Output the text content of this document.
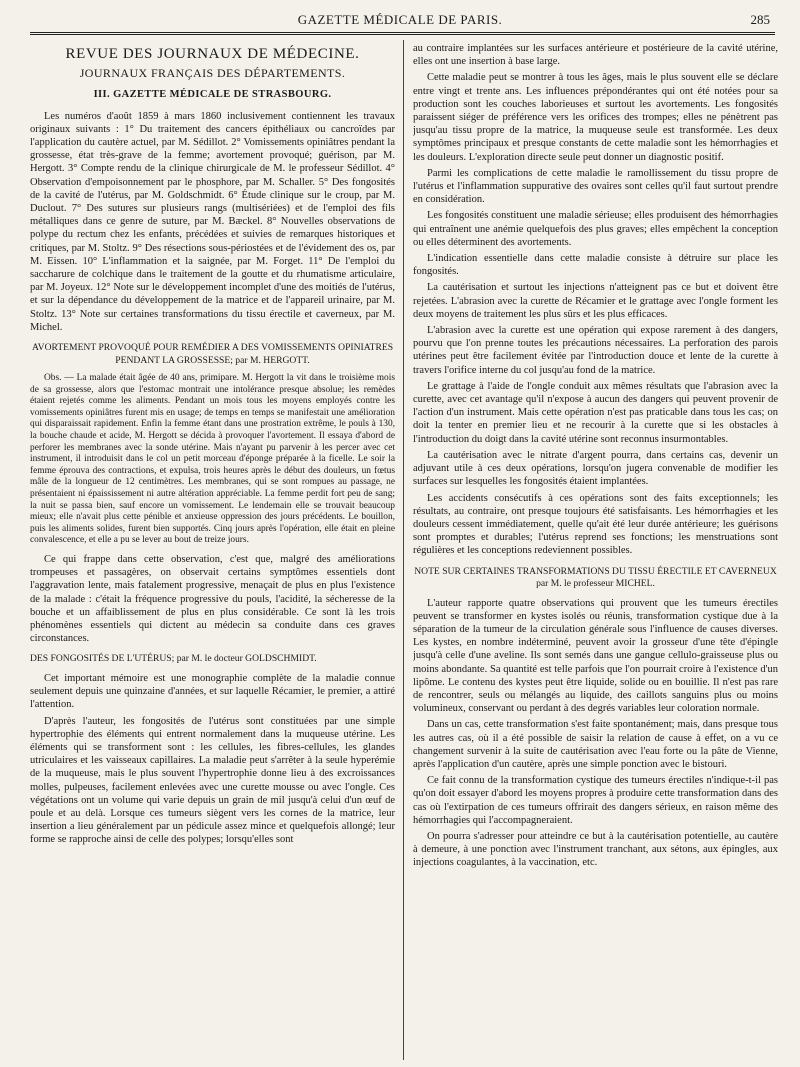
GAZETTE MÉDICALE DE PARIS.	285
REVUE DES JOURNAUX DE MÉDECINE.
JOURNAUX FRANÇAIS DES DÉPARTEMENTS.
III. GAZETTE MÉDICALE DE STRASBOURG.

Les numéros d'août 1859 à mars 1860 inclusivement contiennent les travaux originaux suivants : 1° Du traitement des cancers épithéliaux ou cancroïdes par l'application du cautère actuel, par M. Sédillot. 2° Vomissements opiniâtres pendant la grossesse, état très-grave de la femme; avortement provoqué; guérison, par M. Hergott. 3° Compte rendu de la clinique chirurgicale de M. le professeur Sédillot. 4° Observation d'empoisonnement par le phosphore, par M. Schaller. 5° Des fongosités de la cavité de l'utérus, par M. Goldschmidt. 6° Étude clinique sur le croup, par M. Duclout. 7° Des sutures sur plusieurs rangs (multisériées) et de l'emploi des fils métalliques dans ce genre de suture, par M. Bæckel. 8° Nouvelles observations de polype du rectum chez les enfants, précédées et suivies de remarques historiques et critiques, par M. Stoltz. 9° Des résections sous-périostées et de l'évidement des os, par M. Eissen. 10° L'inflammation et la saignée, par M. Forget. 11° De l'emploi du saccharure de colchique dans le traitement de la goutte et du rhumatisme articulaire, par M. Joyeux. 12° Note sur le développement incomplet d'une des moitiés de l'utérus, et sur la dépendance du développement de la matrice et de l'appareil urinaire, par M. Stoltz. 13° Note sur certaines transformations du tissu érectile et caverneux, par M. Michel.

AVORTEMENT PROVOQUÉ POUR REMÉDIER A DES VOMISSEMENTS OPINIATRES PENDANT LA GROSSESSE; par M. HERGOTT.

Obs. — La malade était âgée de 40 ans, primipare. M. Hergott la vit dans le troisième mois de sa grossesse, alors que l'estomac montrait une intolérance presque absolue; les remèdes étaient rejetés comme les aliments. Pendant un mois tous les moyens employés contre les vomissements opiniâtres furent mis en usage; de temps en temps se manifestait une amélioration qui disparaissait rapidement. Enfin la femme étant dans une prostration extrême, le pouls à 130, la bouche chaude et acide, M. Hergott se décida à provoquer l'avortement. Il essaya d'abord de perforer les membranes avec la sonde utérine. Mais n'ayant pu parvenir à les percer avec cet instrument, il introduisit dans le col un petit morceau d'éponge préparée à la ficelle. Le soir la femme éprouva des contractions, et expulsa, trois heures après le début des douleurs, un fœtus mâle de la longueur de 12 centimètres. Les membranes, qui se sont rompues au passage, ne présentaient ni épaississement ni autre altération appréciable. La femme perdit fort peu de sang; la nuit se passa bien, sauf encore un vomissement. Le lendemain elle se trouvait beaucoup mieux; elle n'avait plus cette pénible et anxieuse oppression des jours précédents. Le bouillon, puis les aliments solides, furent bien supportés. Cinq jours après l'opération, elle était en pleine convalescence, et elle a pu se lever au bout de treize jours.

Ce qui frappe dans cette observation, c'est que, malgré des améliorations trompeuses et passagères, on observait certains symptômes essentiels dont l'aggravation lente, mais fatalement progressive, menaçait de plus en plus l'existence de la malade : c'était la fréquence progressive du pouls, l'acidité, la sécheresse de la bouche et un affaiblissement de plus en plus considérable. Ce sont là les trois phénomènes essentiels qui dictent au médecin sa conduite dans ces graves circonstances.

DES FONGOSITÉS DE L'UTÉRUS; par M. le docteur GOLDSCHMIDT.

Cet important mémoire est une monographie complète de la maladie connue seulement depuis une quinzaine d'années, et sur laquelle Récamier, le premier, a attiré l'attention.

D'après l'auteur, les fongosités de l'utérus sont constituées par une simple hypertrophie des éléments qui entrent normalement dans la muqueuse utérine. Les éléments qui se transforment sont : les cellules, les fibres-cellules, les glandes utriculaires et les vaisseaux capillaires. La maladie peut s'arrêter à la seule hyperémie de la muqueuse, mais le plus souvent l'hypertrophie donne lieu à des excroissances molles, pulpeuses, facilement enlevées avec une curette mousse ou avec l'ongle. Ces végétations ont un volume qui varie depuis un grain de mil jusqu'à celui d'un œuf de poule et au delà. Lorsque ces tumeurs siègent vers les cornes de la matrice, leur insertion a lieu généralement par un pédicule assez mince et quelquefois allongé; leur forme se rapproche ainsi de celle des polypes; lorsqu'elles sont

au contraire implantées sur les surfaces antérieure et postérieure de la cavité utérine, elles ont une insertion à base large.

Cette maladie peut se montrer à tous les âges, mais le plus souvent elle se déclare entre vingt et trente ans. Les influences prépondérantes qui ont été notées pour sa production sont les couches laborieuses et surtout les avortements. Les fongosités paraissent siéger de préférence vers les orifices des trompes; elles ne pénètrent pas jusqu'au tissu propre de la matrice, la muqueuse seule est transformée. Les deux symptômes principaux et presque constants de cette maladie sont les hémorrhagies et les douleurs. L'exploration directe seule peut donner un diagnostic positif.

Parmi les complications de cette maladie le ramollissement du tissu propre de l'utérus et l'inflammation suppurative des ovaires sont celles qu'il faut surtout prendre en considération.

Les fongosités constituent une maladie sérieuse; elles produisent des hémorrhagies qui entraînent une anémie quelquefois des plus graves; elles empêchent la conception ou elles déterminent des avortements.

L'indication essentielle dans cette maladie consiste à détruire sur place les fongosités.

La cautérisation et surtout les injections n'atteignent pas ce but et doivent être rejetées. L'abrasion avec la curette de Récamier et le grattage avec l'ongle forment les deux moyens de traitement les plus sûrs et les plus efficaces.

L'abrasion avec la curette est une opération qui expose rarement à des dangers, pourvu que l'on prenne toutes les précautions nécessaires. La perforation des parois utérines peut être facilement évitée par l'introduction douce et lente de la curette à travers l'orifice interne du col jusqu'au fond de la matrice.

Le grattage à l'aide de l'ongle conduit aux mêmes résultats que l'abrasion avec la curette, avec cet avantage qu'il n'expose à aucun des dangers qui peuvent provenir de l'action d'un instrument. Mais cette opération n'est pas praticable dans tous les cas; on doit la tenter en premier lieu et ne recourir à la curette que si les obstacles à l'introduction du doigt dans la cavité utérine sont reconnus insurmontables.

La cautérisation avec le nitrate d'argent pourra, dans certains cas, devenir un adjuvant utile à ces deux opérations, lorsqu'on jugera convenable de modifier les surfaces sur lesquelles les fongosités étaient implantées.

Les accidents consécutifs à ces opérations sont des faits exceptionnels; les résultats, au contraire, ont presque toujours été satisfaisants. Les hémorrhagies et les douleurs cessent immédiatement, quelle qu'ait été leur durée antérieure; les guérisons sont promptes et durables; l'utérus reprend ses fonctions; les menstruations sont régulières et les conceptions redeviennent possibles.

NOTE SUR CERTAINES TRANSFORMATIONS DU TISSU ÉRECTILE ET CAVERNEUX par M. le professeur MICHEL.

L'auteur rapporte quatre observations qui prouvent que les tumeurs érectiles peuvent se transformer en kystes isolés ou réunis, transformation cystique due à la séparation de la tumeur de la circulation générale sous l'influence de causes diverses. Les kystes, en nombre indéterminé, peuvent avoir la grosseur d'une tête d'épingle jusqu'à celle d'une aveline. Ils sont semés dans une gangue cellulo-graisseuse plus ou moins abondante. Sa quantité est telle parfois que l'on pourrait croire à l'existence d'un lipôme. Le contenu des kystes peut être liquide, solide ou en bouillie. Il n'est pas rare de rencontrer, seuls ou mélangés au liquide, des caillots sanguins plus ou moins volumineux, conservant ou perdant à des degrés variables leur coloration normale.

Dans un cas, cette transformation s'est faite spontanément; mais, dans presque tous les autres cas, où il a été possible de saisir la relation de cause à effet, on a vu ce changement survenir à la suite de cautérisation avec l'eau forte ou la pâte de Vienne, après l'application d'un cautère, après une simple ponction avec le bistouri.

Ce fait connu de la transformation cystique des tumeurs érectiles n'indique-t-il pas qu'on doit essayer d'abord les moyens propres à produire cette transformation dans des cas où l'extirpation de ces tumeurs offrirait des dangers sérieux, en raison même des hémorrhagies qui l'accompagneraient.

On pourra s'adresser pour atteindre ce but à la cautérisation potentielle, au cautère à demeure, à une ponction avec l'instrument tranchant, aux sétons, aux épingles, aux injections coagulantes, à la vaccination, etc.
